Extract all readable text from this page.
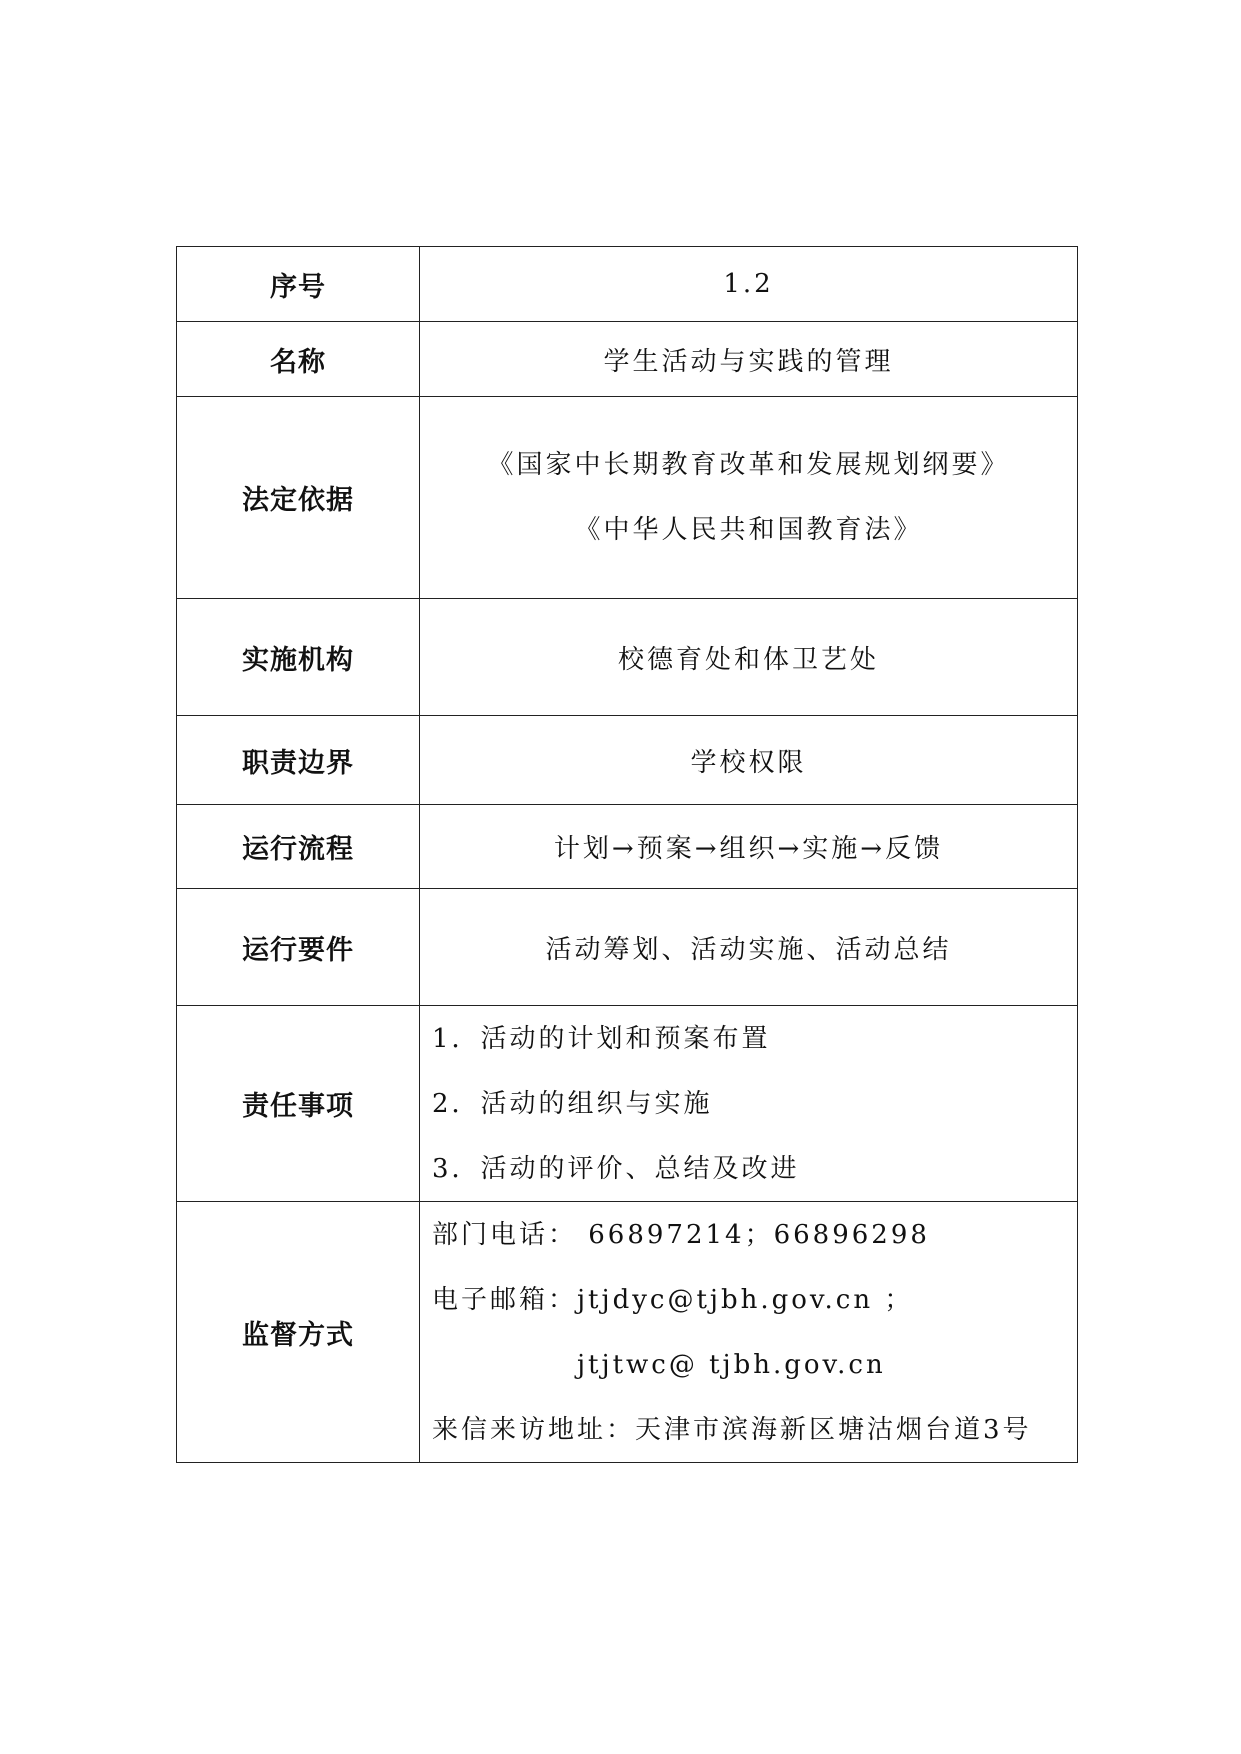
序号	1.2
名称	学生活动与实践的管理
法定依据	《国家中长期教育改革和发展规划纲要》
《中华人民共和国教育法》

实施机构	校德育处和体卫艺处
职责边界	学校权限
运行流程	计划→预案→组织→实施→反馈
运行要件	活动筹划、活动实施、活动总结
责任事项	1．活动的计划和预案布置
2．活动的组织与实施
3．活动的评价、总结及改进

监督方式	部门电话： 66897214；66896298
电子邮箱：jtjdyc@tjbh.gov.cn ；
jtjtwc@ tjbh.gov.cn
来信来访地址：天津市滨海新区塘沽烟台道3号
